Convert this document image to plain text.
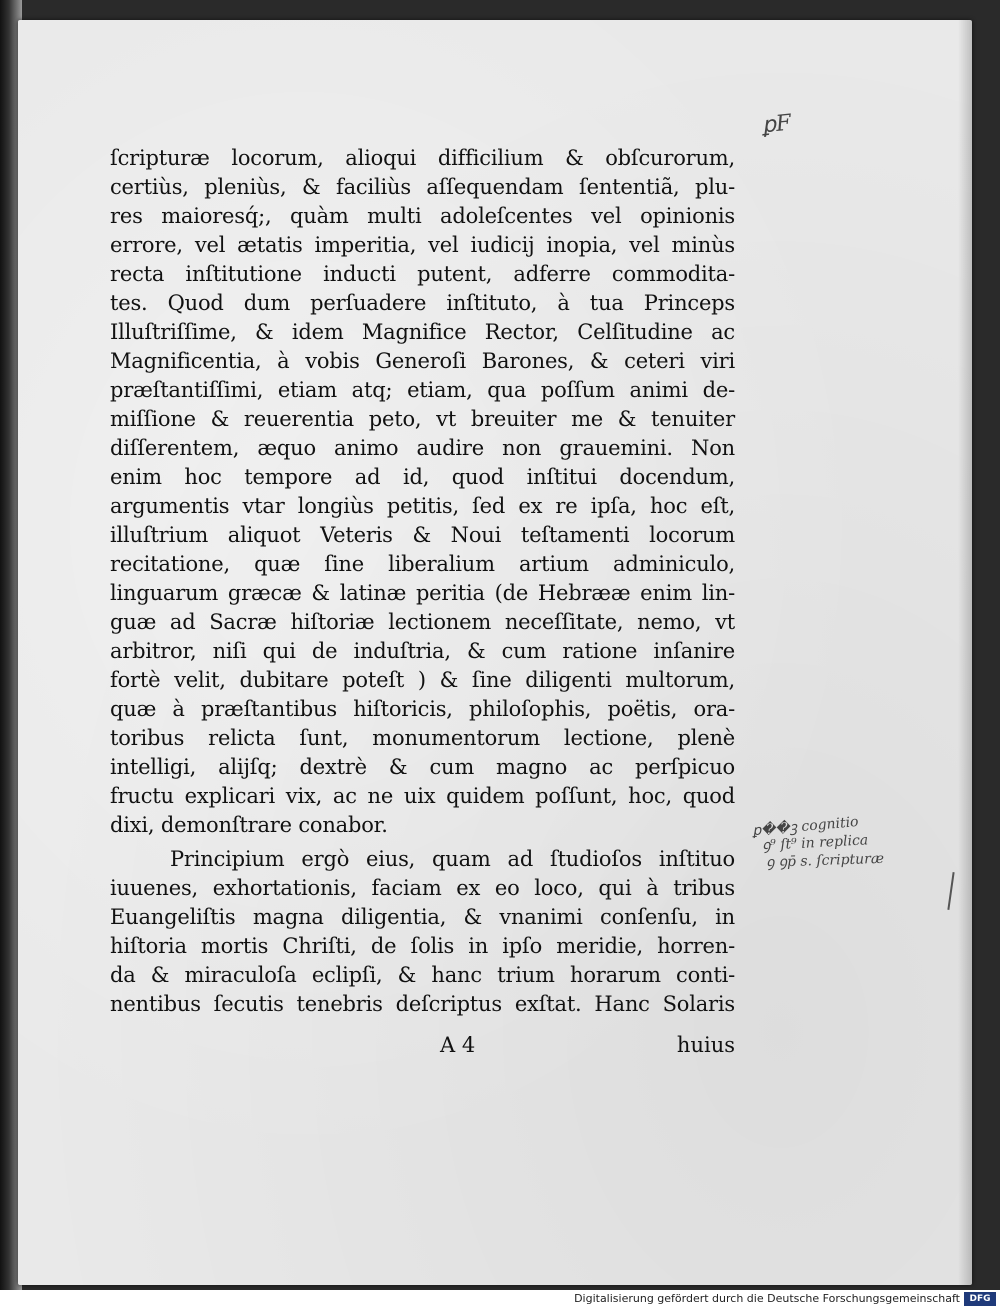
ſcripturæ locorum, alioqui difficilium & obſcurorum,
certiùs, pleniùs, & faciliùs aſſequendam ſententiã, plu-
res maioresq́;, quàm multi adoleſcentes vel opinionis
errore, vel ætatis imperitia, vel iudicij inopia, vel minùs
recta inſtitutione inducti putent, adferre commodita-
tes. Quod dum perſuadere inſtituto, à tua Princeps
Illuſtriſſime, & idem Magnifice Rector, Celſitudine ac
Magnificentia, à vobis Generoſi Barones, & ceteri viri
præſtantiſſimi, etiam atq; etiam, qua poſſum animi de-
miſſione & reuerentia peto, vt breuiter me & tenuiter
diſſerentem, æquo animo audire non grauemini. Non
enim hoc tempore ad id, quod inſtitui docendum,
argumentis vtar longiùs petitis, ſed ex re ipſa, hoc eſt,
illuſtrium aliquot Veteris & Noui teſtamenti locorum
recitatione, quæ ſine liberalium artium adminiculo,
linguarum græcæ & latinæ peritia (de Hebrææ enim lin-
guæ ad Sacræ hiſtoriæ lectionem neceſſitate, nemo, vt
arbitror, niſi qui de induſtria, & cum ratione inſanire
fortè velit, dubitare poteſt ) & ſine diligenti multorum,
quæ à præſtantibus hiſtoricis, philoſophis, poëtis, ora-
toribus relicta ſunt, monumentorum lectione, plenè
intelligi, alijſq; dextrè & cum magno ac perſpicuo
fructu explicari vix, ac ne uix quidem poſſunt, hoc, quod
dixi, demonſtrare conabor.
Principium ergò eius, quam ad ſtudioſos inſtituo
iuuenes, exhortationis, faciam ex eo loco, qui à tribus
Euangeliſtis magna diligentia, & vnanimi conſenſu, in
hiſtoria mortis Chriſti, de ſolis in ipſo meridie, horren-
da & miraculoſa eclipſi, & hanc trium horarum conti-
nentibus ſecutis tenebris deſcriptus exſtat. Hanc Solaris
A 4	huius
ꝑF
ꝑ��ꝫ cognitio
ꝯ⁹ ſt⁹ in replica
ꝯ ꝯp̄ s. ſcripturæ
Digitalisierung gefördert durch die Deutsche Forschungsgemeinschaft	DFG
